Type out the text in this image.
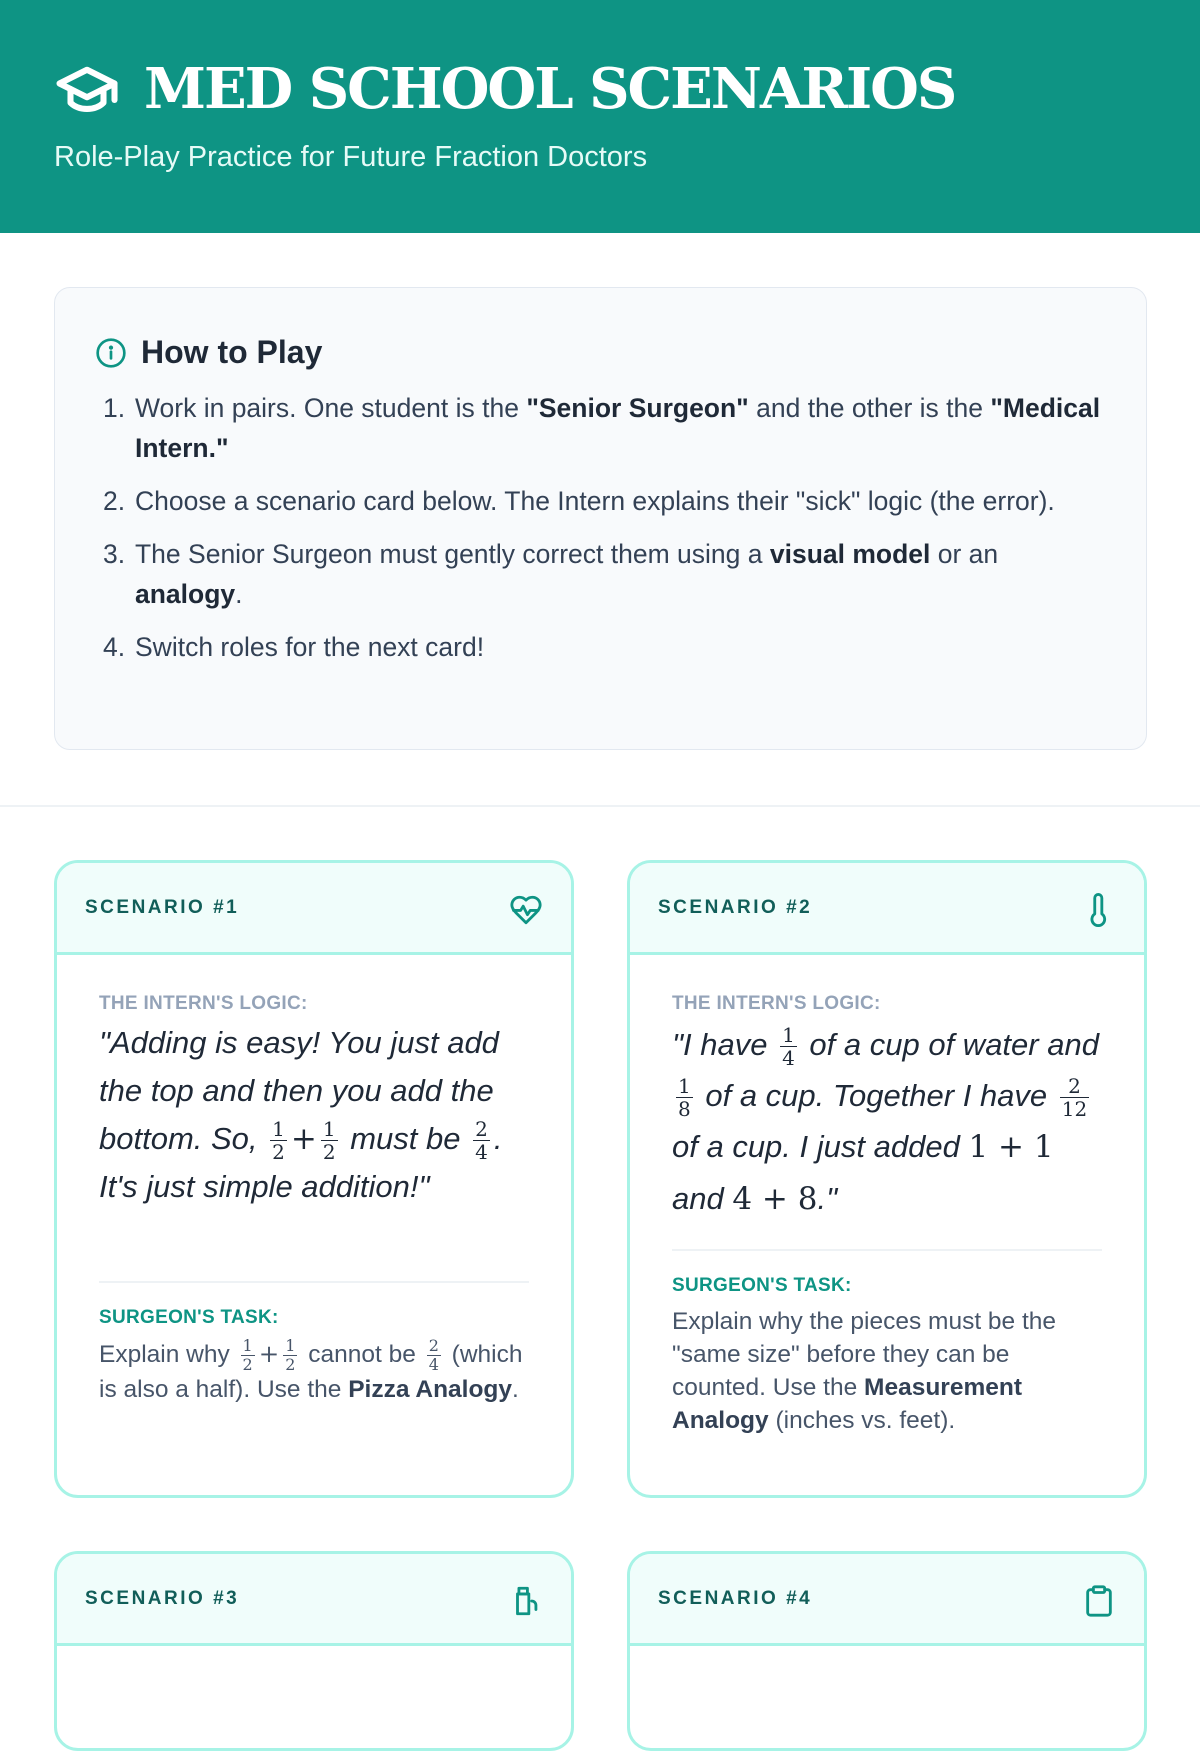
MED SCHOOL SCENARIOS
Role-Play Practice for Future Fraction Doctors
How to Play
1. Work in pairs. One student is the "Senior Surgeon" and the other is the "Medical Intern."
2. Choose a scenario card below. The Intern explains their "sick" logic (the error).
3. The Senior Surgeon must gently correct them using a visual model or an analogy.
4. Switch roles for the next card!
SCENARIO #1
THE INTERN'S LOGIC:
"Adding is easy! You just add the top and then you add the bottom. So, $\frac{1}{2} + \frac{1}{2}$ must be $\frac{2}{4}$ . It's just simple addition!"
SURGEON'S TASK:
Explain why $\frac{1}{2} + \frac{1}{2}$ cannot be $\frac{2}{4}$ (which is also a half). Use the Pizza Analogy.
SCENARIO #2
THE INTERN'S LOGIC:
"I have $\frac{1}{4}$ of a cup of water and
$\frac{1}{8}$ of a cup. Together I have $\frac{2}{12}$
of a cup. I just added 1 + 1 and 4 + 8."
SURGEON'S TASK:
Explain why the pieces must be the "same size" before they can be counted. Use the Measurement Analogy (inches vs. feet).
SCENARIO #3	SCENARIO #4
